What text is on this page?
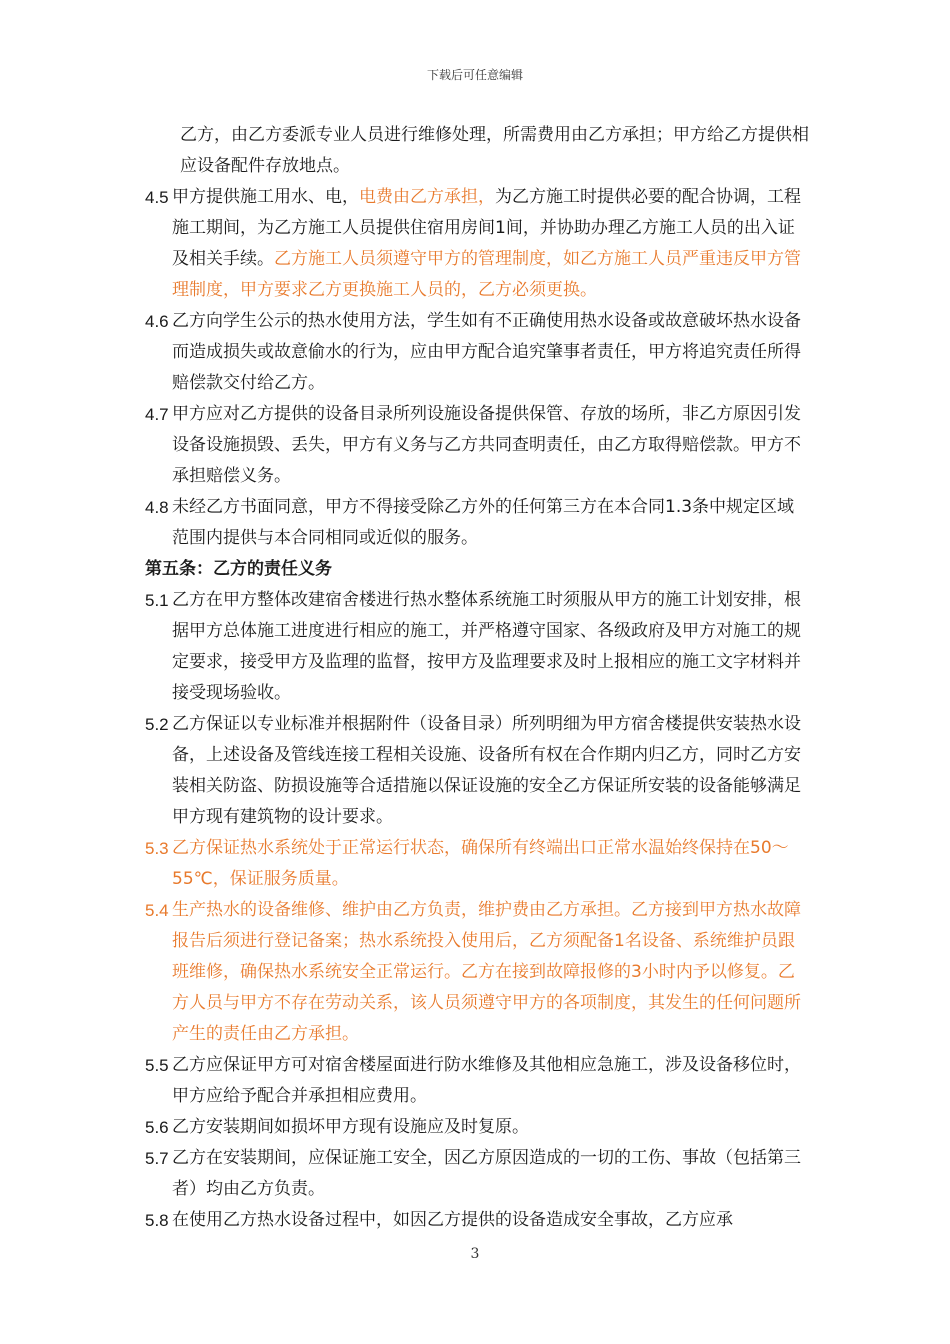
下载后可任意编辑

乙方，由乙方委派专业人员进行维修处理，所需费用由乙方承担；甲方给乙方提供相应设备配件存放地点。

4.5 甲方提供施工用水、电，电费由乙方承担，为乙方施工时提供必要的配合协调，工程施工期间，为乙方施工人员提供住宿用房间1间，并协助办理乙方施工人员的出入证及相关手续。乙方施工人员须遵守甲方的管理制度，如乙方施工人员严重违反甲方管理制度，甲方要求乙方更换施工人员的，乙方必须更换。

4.6 乙方向学生公示的热水使用方法，学生如有不正确使用热水设备或故意破坏热水设备而造成损失或故意偷水的行为，应由甲方配合追究肇事者责任，甲方将追究责任所得赔偿款交付给乙方。

4.7 甲方应对乙方提供的设备目录所列设施设备提供保管、存放的场所，非乙方原因引发设备设施损毁、丢失，甲方有义务与乙方共同查明责任，由乙方取得赔偿款。甲方不承担赔偿义务。

4.8 未经乙方书面同意，甲方不得接受除乙方外的任何第三方在本合同1.3条中规定区域范围内提供与本合同相同或近似的服务。

第五条：乙方的责任义务

5.1 乙方在甲方整体改建宿舍楼进行热水整体系统施工时须服从甲方的施工计划安排，根据甲方总体施工进度进行相应的施工，并严格遵守国家、各级政府及甲方对施工的规定要求，接受甲方及监理的监督，按甲方及监理要求及时上报相应的施工文字材料并接受现场验收。

5.2 乙方保证以专业标准并根据附件（设备目录）所列明细为甲方宿舍楼提供安装热水设备，上述设备及管线连接工程相关设施、设备所有权在合作期内归乙方，同时乙方安装相关防盗、防损设施等合适措施以保证设施的安全乙方保证所安装的设备能够满足甲方现有建筑物的设计要求。

5.3 乙方保证热水系统处于正常运行状态，确保所有终端出口正常水温始终保持在50～55℃，保证服务质量。

5.4 生产热水的设备维修、维护由乙方负责，维护费由乙方承担。乙方接到甲方热水故障报告后须进行登记备案；热水系统投入使用后，乙方须配备1名设备、系统维护员跟班维修，确保热水系统安全正常运行。乙方在接到故障报修的3小时内予以修复。乙方人员与甲方不存在劳动关系，该人员须遵守甲方的各项制度，其发生的任何问题所产生的责任由乙方承担。

5.5 乙方应保证甲方可对宿舍楼屋面进行防水维修及其他相应急施工，涉及设备移位时，甲方应给予配合并承担相应费用。

5.6 乙方安装期间如损坏甲方现有设施应及时复原。

5.7 乙方在安装期间，应保证施工安全，因乙方原因造成的一切的工伤、事故（包括第三者）均由乙方负责。

5.8 在使用乙方热水设备过程中，如因乙方提供的设备造成安全事故，乙方应承

3
